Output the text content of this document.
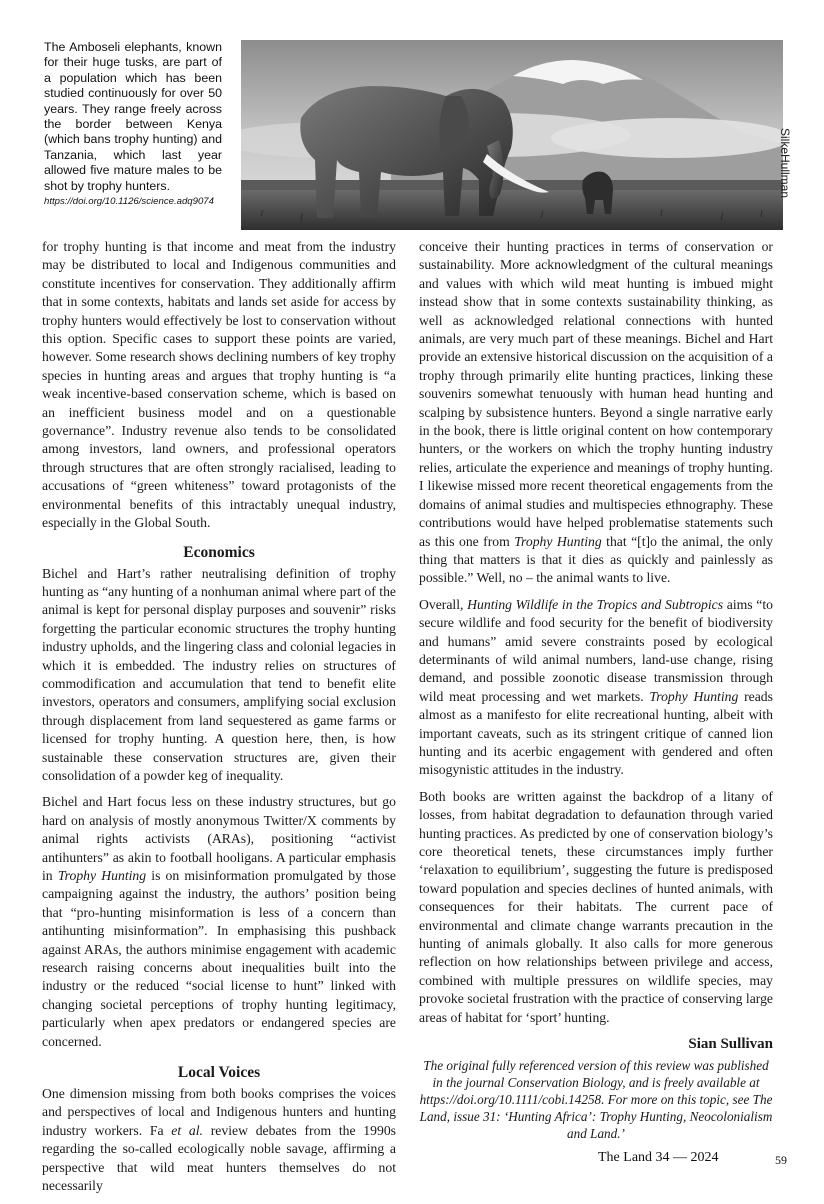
The Amboseli elephants, known for their huge tusks, are part of a population which has been studied continuously for over 50 years. They range freely across the border between Kenya (which bans trophy hunting) and Tanzania, which last year allowed five mature males to be shot by trophy hunters.
https://doi.org/10.1126/science.adq9074
SilkeHullman

for trophy hunting is that income and meat from the industry may be distributed to local and Indigenous communities and constitute incentives for conservation. They additionally affirm that in some contexts, habitats and lands set aside for access by trophy hunters would effectively be lost to conservation without this option. Specific cases to support these points are varied, however. Some research shows declining numbers of key trophy species in hunting areas and argues that trophy hunting is “a weak incentive-based conservation scheme, which is based on an inefficient business model and on a questionable governance”. Industry revenue also tends to be consolidated among investors, land owners, and professional operators through structures that are often strongly racialised, leading to accusations of “green whiteness” toward protagonists of the environmental benefits of this intractably unequal industry, especially in the Global South.

Economics

Bichel and Hart’s rather neutralising definition of trophy hunting as “any hunting of a nonhuman animal where part of the animal is kept for personal display purposes and souvenir” risks forgetting the particular economic structures the trophy hunting industry upholds, and the lingering class and colonial legacies in which it is embedded. The industry relies on structures of commodification and accumulation that tend to benefit elite investors, operators and consumers, amplifying social exclusion through displacement from land sequestered as game farms or licensed for trophy hunting. A question here, then, is how sustainable these conservation structures are, given their consolidation of a powder keg of inequality.

Bichel and Hart focus less on these industry structures, but go hard on analysis of mostly anonymous Twitter/X comments by animal rights activists (ARAs), positioning “activist antihunters” as akin to football hooligans. A particular emphasis in Trophy Hunting is on misinformation promulgated by those campaigning against the industry, the authors’ position being that “pro-hunting misinformation is less of a concern than antihunting misinformation”. In emphasising this pushback against ARAs, the authors minimise engagement with academic research raising concerns about inequalities built into the industry or the reduced “social license to hunt” linked with changing societal perceptions of trophy hunting legitimacy, particularly when apex predators or endangered species are concerned.

Local Voices

One dimension missing from both books comprises the voices and perspectives of local and Indigenous hunters and hunting industry workers. Fa et al. review debates from the 1990s regarding the so-called ecologically noble savage, affirming a perspective that wild meat hunters themselves do not necessarily

conceive their hunting practices in terms of conservation or sustainability. More acknowledgment of the cultural meanings and values with which wild meat hunting is imbued might instead show that in some contexts sustainability thinking, as well as acknowledged relational connections with hunted animals, are very much part of these meanings. Bichel and Hart provide an extensive historical discussion on the acquisition of a trophy through primarily elite hunting practices, linking these souvenirs somewhat tenuously with human head hunting and scalping by subsistence hunters. Beyond a single narrative early in the book, there is little original content on how contemporary hunters, or the workers on which the trophy hunting industry relies, articulate the experience and meanings of trophy hunting. I likewise missed more recent theoretical engagements from the domains of animal studies and multispecies ethnography. These contributions would have helped problematise statements such as this one from Trophy Hunting that “[t]o the animal, the only thing that matters is that it dies as quickly and painlessly as possible.” Well, no – the animal wants to live.

Overall, Hunting Wildlife in the Tropics and Subtropics aims “to secure wildlife and food security for the benefit of biodiversity and humans” amid severe constraints posed by ecological determinants of wild animal numbers, land-use change, rising demand, and possible zoonotic disease transmission through wild meat processing and wet markets. Trophy Hunting reads almost as a manifesto for elite recreational hunting, albeit with important caveats, such as its stringent critique of canned lion hunting and its acerbic engagement with gendered and often misogynistic attitudes in the industry.

Both books are written against the backdrop of a litany of losses, from habitat degradation to defaunation through varied hunting practices. As predicted by one of conservation biology’s core theoretical tenets, these circumstances imply further ‘relaxation to equilibrium’, suggesting the future is predisposed toward population and species declines of hunted animals, with consequences for their habitats. The current pace of environmental and climate change warrants precaution in the hunting of animals globally. It also calls for more generous reflection on how relationships between privilege and access, combined with multiple pressures on wildlife species, may provoke societal frustration with the practice of conserving large areas of habitat for ‘sport’ hunting.

Sian Sullivan
The original fully referenced version of this review was published in the journal Conservation Biology, and is freely available at https://doi.org/10.1111/cobi.14258. For more on this topic, see The Land, issue 31: ‘Hunting Africa’: Trophy Hunting, Neocolonialism and Land.’
The Land 34 — 2024	59
